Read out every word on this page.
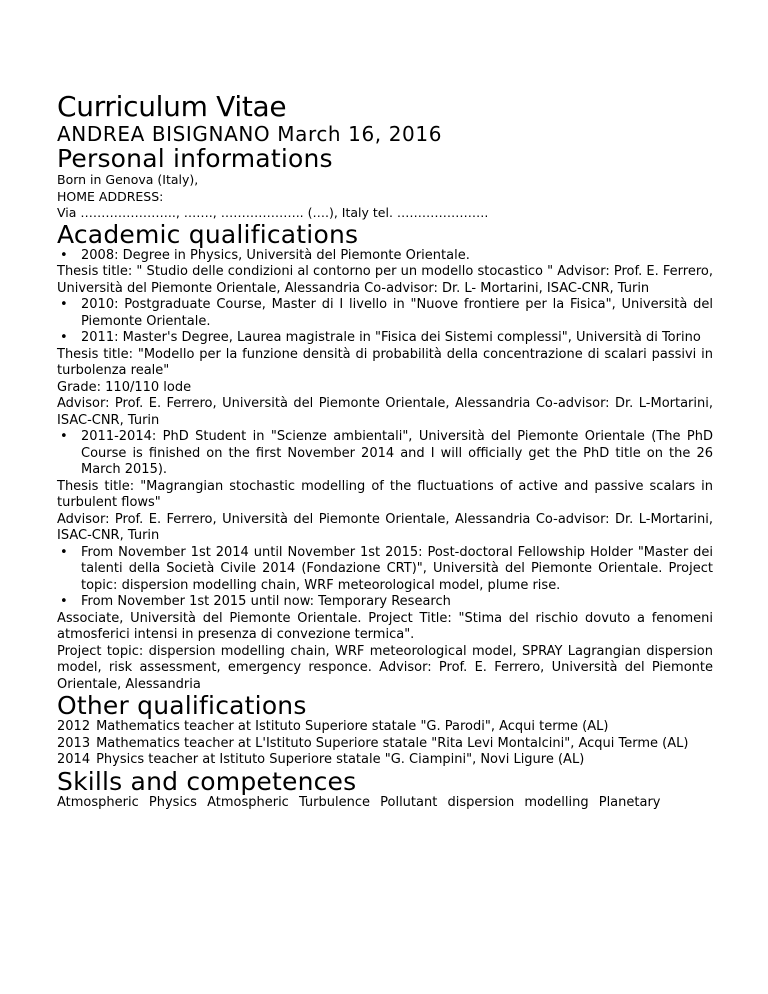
Curriculum Vitae

ANDREA BISIGNANO March 16, 2016

Personal informations

Born in Genova (Italy),

HOME ADDRESS:

Via ………………….., ……., ……………….. (….), Italy tel. ………………….

Academic qualifications
• 2008: Degree in Physics, Università del Piemonte Orientale.

Thesis title: " Studio delle condizioni al contorno per un modello stocastico " Advisor: Prof. E. Ferrero, Università del Piemonte Orientale, Alessandria Co-advisor: Dr. L- Mortarini, ISAC-CNR, Turin

• 2010: Postgraduate Course, Master di I livello in "Nuove frontiere per la Fisica", Università del Piemonte Orientale.
• 2011: Master's Degree, Laurea magistrale in "Fisica dei Sistemi complessi", Università di Torino

Thesis title: "Modello per la funzione densità di probabilità della concentrazione di scalari passivi in turbolenza reale"

Grade: 110/110 lode

Advisor: Prof. E. Ferrero, Università del Piemonte Orientale, Alessandria Co-advisor: Dr. L-Mortarini, ISAC-CNR, Turin

• 2011-2014: PhD Student in "Scienze ambientali", Università del Piemonte Orientale (The PhD Course is finished on the first November 2014 and I will officially get the PhD title on the 26 March 2015).

Thesis title: "Magrangian stochastic modelling of the fluctuations of active and passive scalars in turbulent flows"

Advisor: Prof. E. Ferrero, Università del Piemonte Orientale, Alessandria Co-advisor: Dr. L-Mortarini, ISAC-CNR, Turin

• From November 1st 2014 until November 1st 2015: Post-doctoral Fellowship Holder "Master dei talenti della Società Civile 2014 (Fondazione CRT)", Università del Piemonte Orientale. Project topic: dispersion modelling chain, WRF meteorological model, plume rise.
• From November 1st 2015 until now: Temporary Research

Associate, Università del Piemonte Orientale. Project Title: "Stima del rischio dovuto a fenomeni atmosferici intensi in presenza di convezione termica".

Project topic: dispersion modelling chain, WRF meteorological model, SPRAY Lagrangian dispersion model, risk assessment, emergency responce. Advisor: Prof. E. Ferrero, Università del Piemonte Orientale, Alessandria

Other qualifications

2012 Mathematics teacher at Istituto Superiore statale "G. Parodi", Acqui terme (AL)

2013 Mathematics teacher at L'Istituto Superiore statale "Rita Levi Montalcini", Acqui Terme (AL)

2014 Physics teacher at Istituto Superiore statale "G. Ciampini", Novi Ligure (AL)

Skills and competences

Atmospheric Physics Atmospheric Turbulence Pollutant dispersion modelling Planetary
